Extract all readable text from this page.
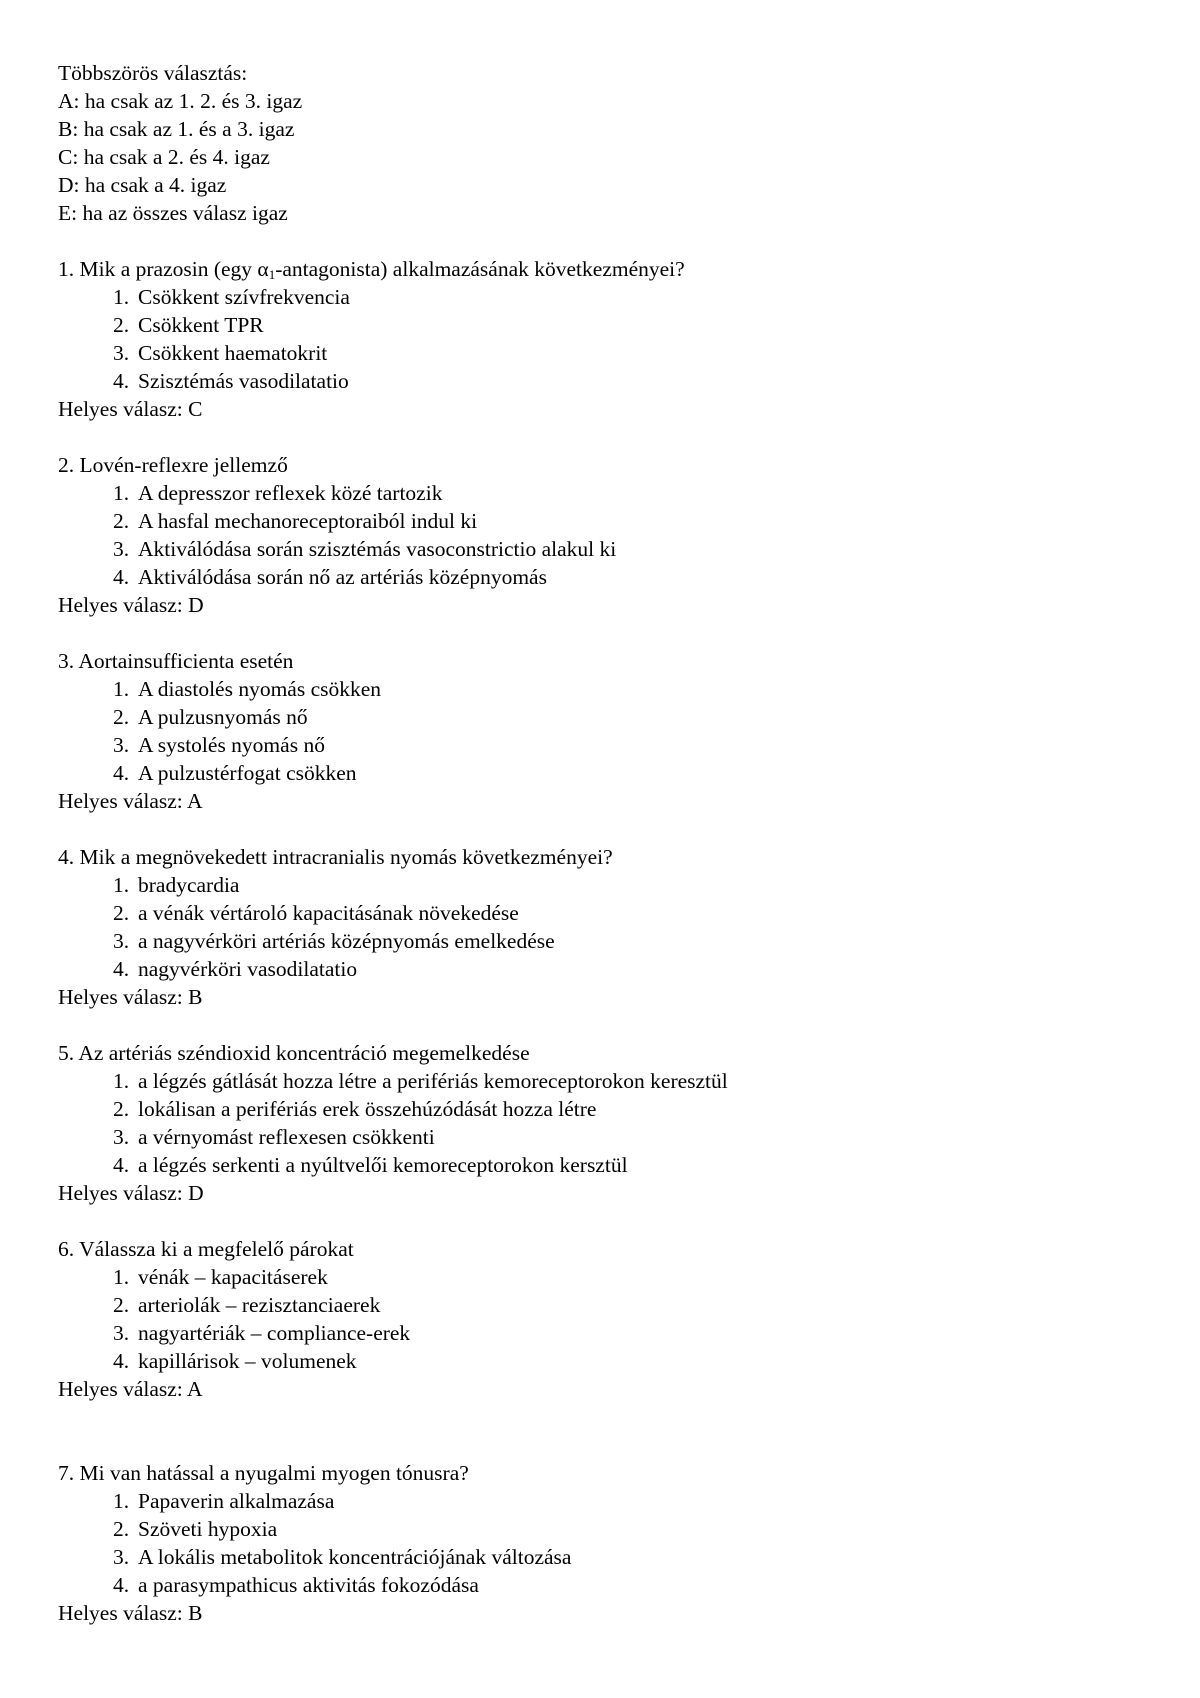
Többszörös választás:
A: ha csak az 1. 2. és 3. igaz
B: ha csak az 1. és a 3. igaz
C: ha csak a 2. és 4. igaz
D: ha csak a 4. igaz
E: ha az összes válasz igaz
1. Mik a prazosin (egy $\alpha_1-antagonista$) alkalmazásának következményei?
1. Csökkent szívfrekvencia
2. Csökkent TPR
3. Csökkent haematokrit
4. Szisztémás vasodilatatio
Helyes válasz: C
2. Lovén-reflexre jellemző
1. A depresszor reflexek közé tartozik
2. A hasfal mechanoreceptoraiból indul ki
3. Aktiválódása során szisztémás vasoconstrictio alakul ki
4. Aktiválódása során nő az artériás középnyomás
Helyes válasz: D
3. Aortainsufficienta esetén
1. A diastolés nyomás csökken
2. A pulzusnyomás nő
3. A systolés nyomás nő
4. A pulzustérfogat csökken
Helyes válasz: A
4. Mik a megnövekedett intracranialis nyomás következményei?
1. bradycardia
2. a vénák vértároló kapacitásának növekedése
3. a nagyvérköri artériás középnyomás emelkedése
4. nagyvérköri vasodilatatio
Helyes válasz: B
5. Az artériás széndioxid koncentráció megemelkedése
1. a légzés gátlását hozza létre a perifériás kemoreceptorokon keresztül
2. lokálisan a perifériás erek összehúzódását hozza létre
3. a vérnyomást reflexesen csökkenti
4. a légzés serkenti a nyúltvelői kemoreceptorokon kersztül
Helyes válasz: D
6. Válassza ki a megfelelő párokat
1. vénák – kapacitáserek
2. arteriolák – rezisztanciaerek
3. nagyartériák – compliance-erek
4. kapillárisok – volumenek
Helyes válasz: A
7. Mi van hatással a nyugalmi myogen tónusra?
1. Papaverin alkalmazása
2. Szöveti hypoxia
3. A lokális metabolitok koncentrációjának változása
4. a parasympathicus aktivitás fokozódása
Helyes válasz: B
